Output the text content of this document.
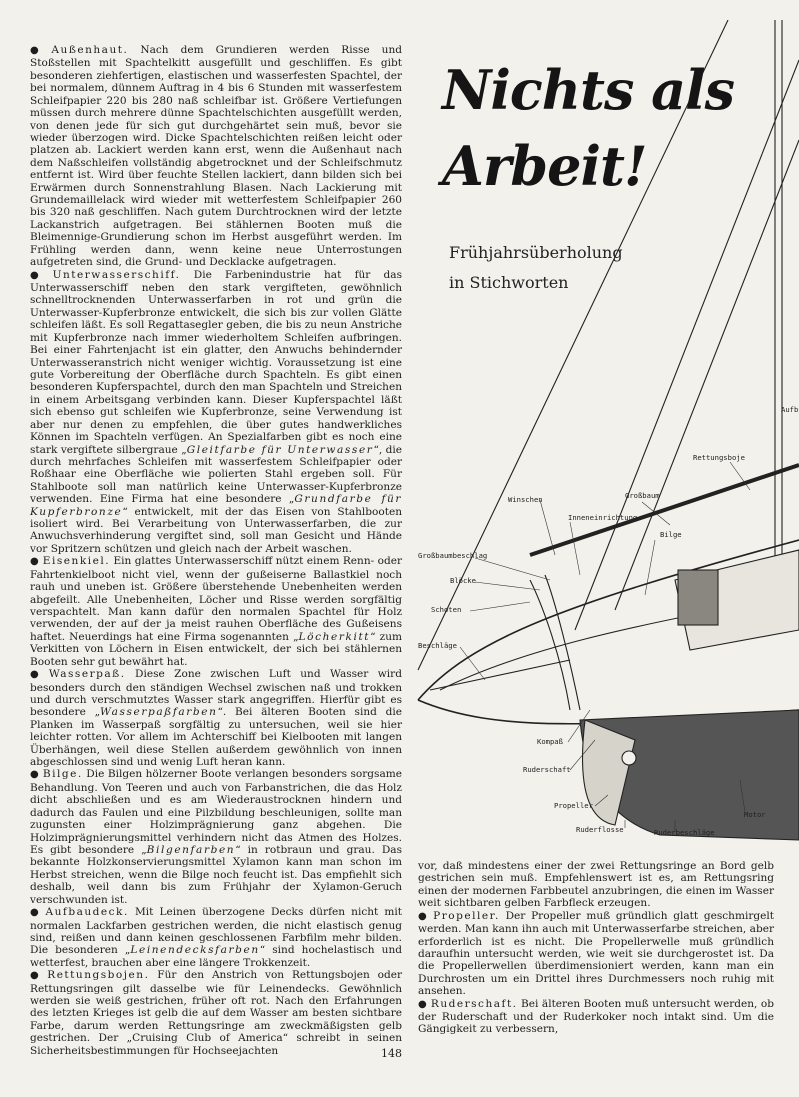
● Außenhaut. Nach dem Grundieren werden Risse und Stoßstellen mit Spachtelkitt ausgefüllt und geschliffen. Es gibt besonderen ziehfertigen, elastischen und wasserfesten Spachtel, der bei normalem, dünnem Auftrag in 4 bis 6 Stunden mit wasserfestem Schleifpapier 220 bis 280 naß schleifbar ist. Größere Vertiefungen müssen durch mehrere dünne Spachtelschichten ausgefüllt werden, von denen jede für sich gut durchgehärtet sein muß, bevor sie wieder überzogen wird. Dicke Spachtelschichten reißen leicht oder platzen ab. Lackiert werden kann erst, wenn die Außenhaut nach dem Naßschleifen vollständig abgetrocknet und der Schleifschmutz entfernt ist. Wird über feuchte Stellen lackiert, dann bilden sich bei Erwärmen durch Sonnenstrahlung Blasen. Nach Lackierung mit Grundemaillelack wird wieder mit wetterfestem Schleifpapier 260 bis 320 naß geschliffen. Nach gutem Durchtrocknen wird der letzte Lackanstrich aufgetragen. Bei stählernen Booten muß die Bleimennige-Grundierung schon im Herbst ausgeführt werden. Im Frühling werden dann, wenn keine neue Unterrostungen aufgetreten sind, die Grund- und Decklacke aufgetragen.

● Unterwasserschiff. Die Farbenindustrie hat für das Unterwasserschiff neben den stark vergifteten, gewöhnlich schnelltrocknenden Unterwasserfarben in rot und grün die Unterwasser-Kupferbronze entwickelt, die sich bis zur vollen Glätte schleifen läßt. Es soll Regattasegler geben, die bis zu neun Anstriche mit Kupferbronze nach immer wiederholtem Schleifen aufbringen. Bei einer Fahrtenjacht ist ein glatter, den Anwuchs behindernder Unterwasseranstrich nicht weniger wichtig. Voraussetzung ist eine gute Vorbereitung der Oberfläche durch Spachteln. Es gibt einen besonderen Kupferspachtel, durch den man Spachteln und Streichen in einem Arbeitsgang verbinden kann. Dieser Kupferspachtel läßt sich ebenso gut schleifen wie Kupferbronze, seine Verwendung ist aber nur denen zu empfehlen, die über gutes handwerkliches Können im Spachteln verfügen. An Spezialfarben gibt es noch eine stark vergiftete silbergraue „Gleitfarbe für Unterwasser“, die durch mehrfaches Schleifen mit wasserfestem Schleifpapier oder Roßhaar eine Oberfläche wie polierten Stahl ergeben soll. Für Stahlboote soll man natürlich keine Unterwasser-Kupferbronze verwenden. Eine Firma hat eine besondere „Grundfarbe für Kupferbronze“ entwickelt, mit der das Eisen von Stahlbooten isoliert wird. Bei Verarbeitung von Unterwasserfarben, die zur Anwuchsverhinderung vergiftet sind, soll man Gesicht und Hände vor Spritzern schützen und gleich nach der Arbeit waschen.

● Eisenkiel. Ein glattes Unterwasserschiff nützt einem Renn- oder Fahrtenkielboot nicht viel, wenn der gußeiserne Ballastkiel noch rauh und uneben ist. Größere überstehende Unebenheiten werden abgefeilt. Alle Unebenheiten, Löcher und Risse werden sorgfältig verspachtelt. Man kann dafür den normalen Spachtel für Holz verwenden, der auf der ja meist rauhen Oberfläche des Gußeisens haftet. Neuerdings hat eine Firma sogenannten „Löcherkitt“ zum Verkitten von Löchern in Eisen entwickelt, der sich bei stählernen Booten sehr gut bewährt hat.

● Wasserpaß. Diese Zone zwischen Luft und Wasser wird besonders durch den ständigen Wechsel zwischen naß und trokken und durch verschmutztes Wasser stark angegriffen. Hierfür gibt es besondere „Wasserpaßfarben“. Bei älteren Booten sind die Planken im Wasserpaß sorgfältig zu untersuchen, weil sie hier leichter rotten. Vor allem im Achterschiff bei Kielbooten mit langen Überhängen, weil diese Stellen außerdem gewöhnlich von innen abgeschlossen sind und wenig Luft heran kann.

● Bilge. Die Bilgen hölzerner Boote verlangen besonders sorgsame Behandlung. Von Teeren und auch von Farbanstrichen, die das Holz dicht abschließen und es am Wiederaustrocknen hindern und dadurch das Faulen und eine Pilzbildung beschleunigen, sollte man zugunsten einer Holzimprägnierung ganz abgehen. Die Holzimprägnierungsmittel verhindern nicht das Atmen des Holzes. Es gibt besondere „Bilgenfarben“ in rotbraun und grau. Das bekannte Holzkonservierungsmittel Xylamon kann man schon im Herbst streichen, wenn die Bilge noch feucht ist. Das empfiehlt sich deshalb, weil dann bis zum Frühjahr der Xylamon-Geruch verschwunden ist.

● Aufbaudeck. Mit Leinen überzogene Decks dürfen nicht mit normalen Lackfarben gestrichen werden, die nicht elastisch genug sind, reißen und dann keinen geschlossenen Farbfilm mehr bilden. Die besonderen „Leinendecksfarben“ sind hochelastisch und wetterfest, brauchen aber eine längere Trokkenzeit.

● Rettungsbojen. Für den Anstrich von Rettungsbojen oder Rettungsringen gilt dasselbe wie für Leinendecks. Gewöhnlich werden sie weiß gestrichen, früher oft rot. Nach den Erfahrungen des letzten Krieges ist gelb die auf dem Wasser am besten sichtbare Farbe, darum werden Rettungsringe am zweckmäßigsten gelb gestrichen. Der „Cruising Club of America“ schreibt in seinen Sicherheitsbestimmungen für Hochseejachten

Rettungsboje
Großbaum
Winschen
Inneneinrichtung
Bilge
Großbaumbeschlag
Blöcke
Schoten
Beschläge
Kompaß
Ruderschaft
Propeller
Ruderflosse	Ruderbeschläge
Motor
Aufb
Nichts als
Arbeit!
Frühjahrsüberholung
in Stichworten

vor, daß mindestens einer der zwei Rettungsringe an Bord gelb gestrichen sein muß. Empfehlenswert ist es, am Rettungsring einen der modernen Farbbeutel anzubringen, die einen im Wasser weit sichtbaren gelben Farbfleck erzeugen.

● Propeller. Der Propeller muß gründlich glatt geschmirgelt werden. Man kann ihn auch mit Unterwasserfarbe streichen, aber erforderlich ist es nicht. Die Propellerwelle muß gründlich daraufhin untersucht werden, wie weit sie durchgerostet ist. Da die Propellerwellen überdimensioniert werden, kann man ein Durchrosten um ein Drittel ihres Durchmessers noch ruhig mit ansehen.

● Ruderschaft. Bei älteren Booten muß untersucht werden, ob der Ruderschaft und der Ruderkoker noch intakt sind. Um die Gängigkeit zu verbessern,

148
